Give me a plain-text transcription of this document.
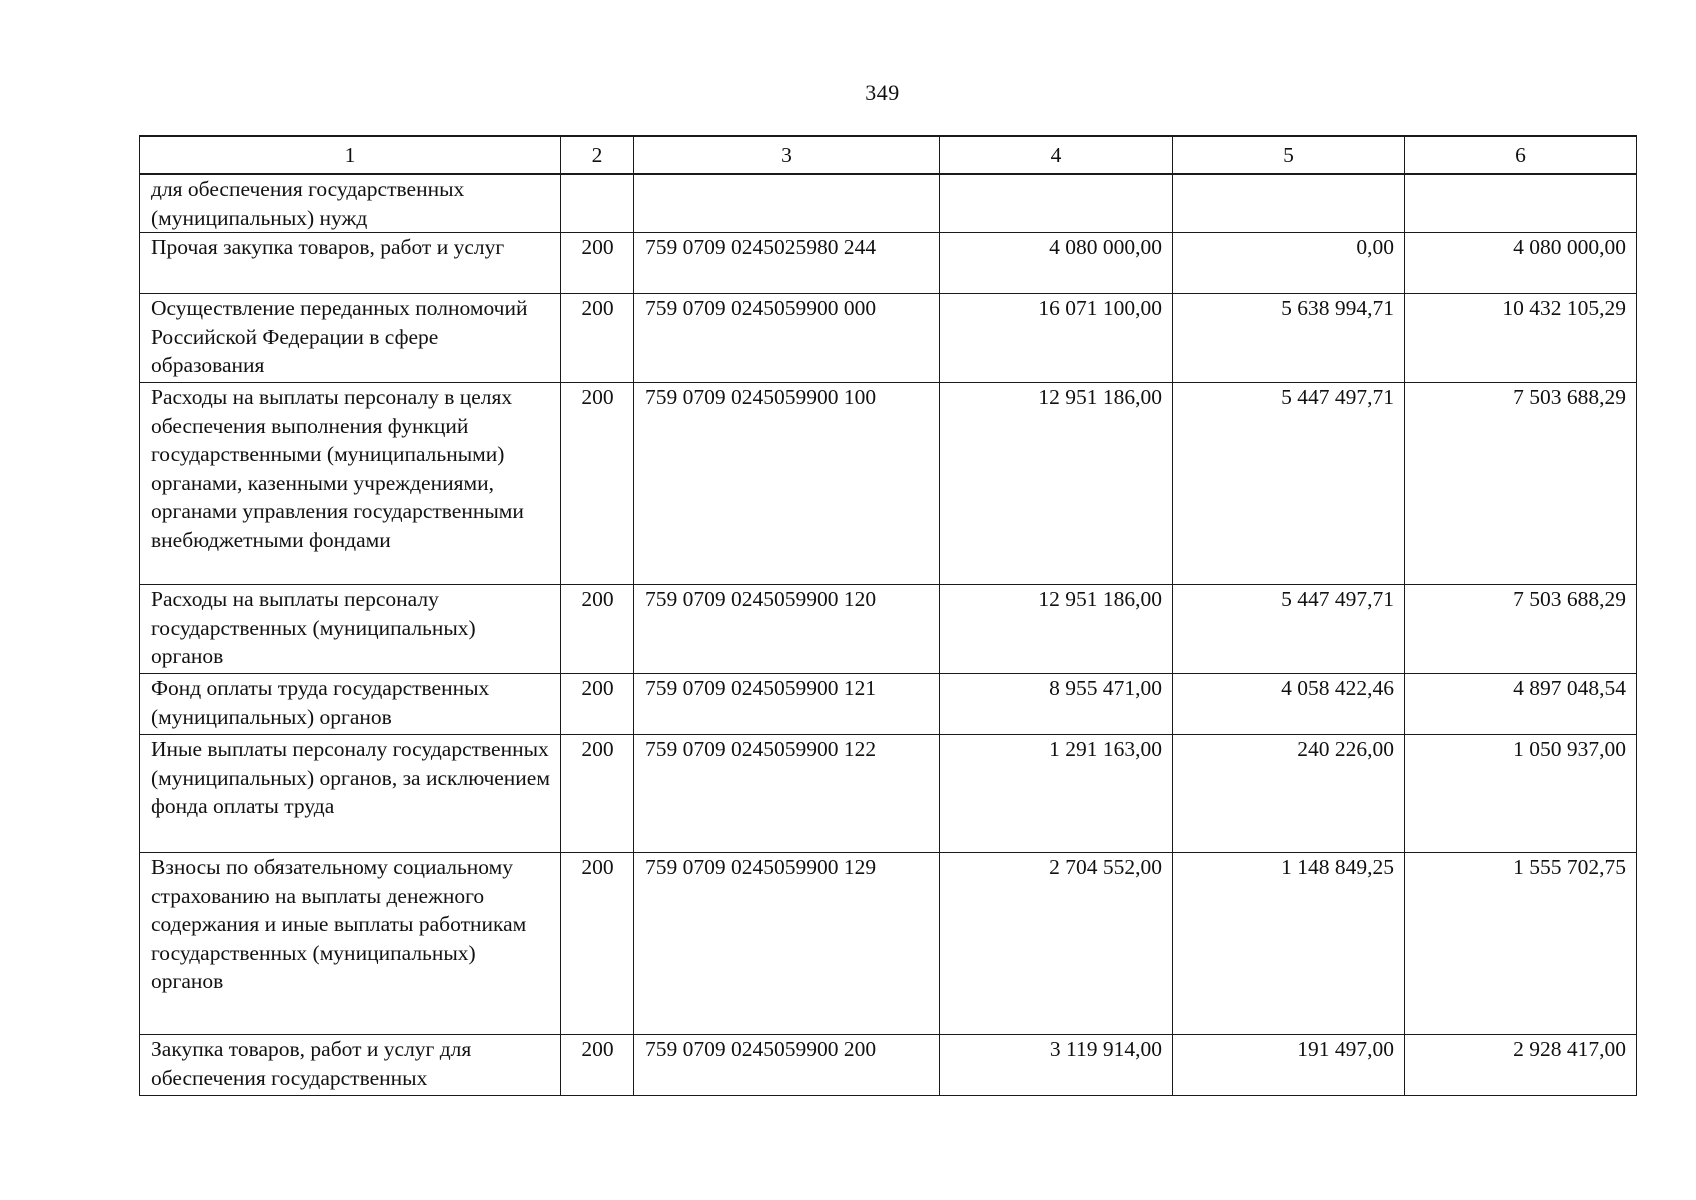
349
1	2	3	4	5	6
для обеспечения государственных (муниципальных) нужд					
Прочая закупка товаров, работ и услуг	200	759 0709 0245025980 244	4 080 000,00	0,00	4 080 000,00
Осуществление переданных полномочий Российской Федерации в сфере образования	200	759 0709 0245059900 000	16 071 100,00	5 638 994,71	10 432 105,29
Расходы на выплаты персоналу в целях обеспечения выполнения функций государственными (муниципальными) органами, казенными учреждениями, органами управления государственными внебюджетными фондами	200	759 0709 0245059900 100	12 951 186,00	5 447 497,71	7 503 688,29
Расходы на выплаты персоналу государственных (муниципальных) органов	200	759 0709 0245059900 120	12 951 186,00	5 447 497,71	7 503 688,29
Фонд оплаты труда государственных (муниципальных) органов	200	759 0709 0245059900 121	8 955 471,00	4 058 422,46	4 897 048,54
Иные выплаты персоналу государственных (муниципальных) органов, за исключением фонда оплаты труда	200	759 0709 0245059900 122	1 291 163,00	240 226,00	1 050 937,00
Взносы по обязательному социальному страхованию на выплаты денежного содержания и иные выплаты работникам государственных (муниципальных) органов	200	759 0709 0245059900 129	2 704 552,00	1 148 849,25	1 555 702,75
Закупка товаров, работ и услуг для обеспечения государственных	200	759 0709 0245059900 200	3 119 914,00	191 497,00	2 928 417,00
